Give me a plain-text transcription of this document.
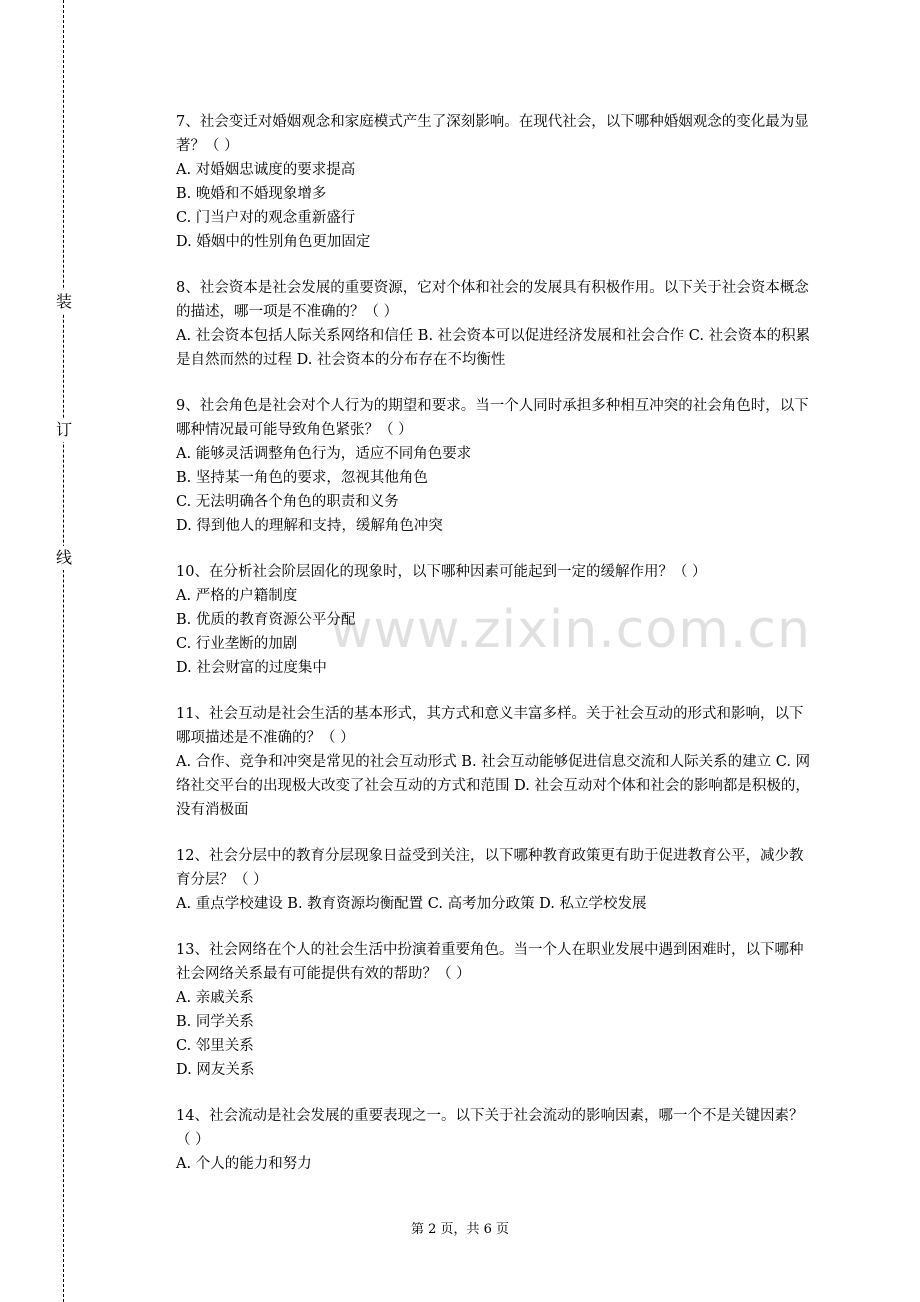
装
订
线
www.zixin.com.cn

7、社会变迁对婚姻观念和家庭模式产生了深刻影响。在现代社会，以下哪种婚姻观念的变化最为显著？（ ）

A. 对婚姻忠诚度的要求提高

B. 晚婚和不婚现象增多

C. 门当户对的观念重新盛行

D. 婚姻中的性别角色更加固定

8、社会资本是社会发展的重要资源，它对个体和社会的发展具有积极作用。以下关于社会资本概念的描述，哪一项是不准确的？（ ）

A. 社会资本包括人际关系网络和信任 B. 社会资本可以促进经济发展和社会合作 C. 社会资本的积累是自然而然的过程 D. 社会资本的分布存在不均衡性

9、社会角色是社会对个人行为的期望和要求。当一个人同时承担多种相互冲突的社会角色时，以下哪种情况最可能导致角色紧张？（ ）

A. 能够灵活调整角色行为，适应不同角色要求

B. 坚持某一角色的要求，忽视其他角色

C. 无法明确各个角色的职责和义务

D. 得到他人的理解和支持，缓解角色冲突

10、在分析社会阶层固化的现象时，以下哪种因素可能起到一定的缓解作用？（ ）

A. 严格的户籍制度

B. 优质的教育资源公平分配

C. 行业垄断的加剧

D. 社会财富的过度集中

11、社会互动是社会生活的基本形式，其方式和意义丰富多样。关于社会互动的形式和影响，以下哪项描述是不准确的？（ ）

A. 合作、竞争和冲突是常见的社会互动形式 B. 社会互动能够促进信息交流和人际关系的建立 C. 网络社交平台的出现极大改变了社会互动的方式和范围 D. 社会互动对个体和社会的影响都是积极的，没有消极面

12、社会分层中的教育分层现象日益受到关注，以下哪种教育政策更有助于促进教育公平，减少教育分层？（ ）

A. 重点学校建设 B. 教育资源均衡配置 C. 高考加分政策 D. 私立学校发展

13、社会网络在个人的社会生活中扮演着重要角色。当一个人在职业发展中遇到困难时，以下哪种社会网络关系最有可能提供有效的帮助？（ ）

A. 亲戚关系

B. 同学关系

C. 邻里关系

D. 网友关系

14、社会流动是社会发展的重要表现之一。以下关于社会流动的影响因素，哪一个不是关键因素？（ ）

A. 个人的能力和努力

第 2 页，共 6 页
